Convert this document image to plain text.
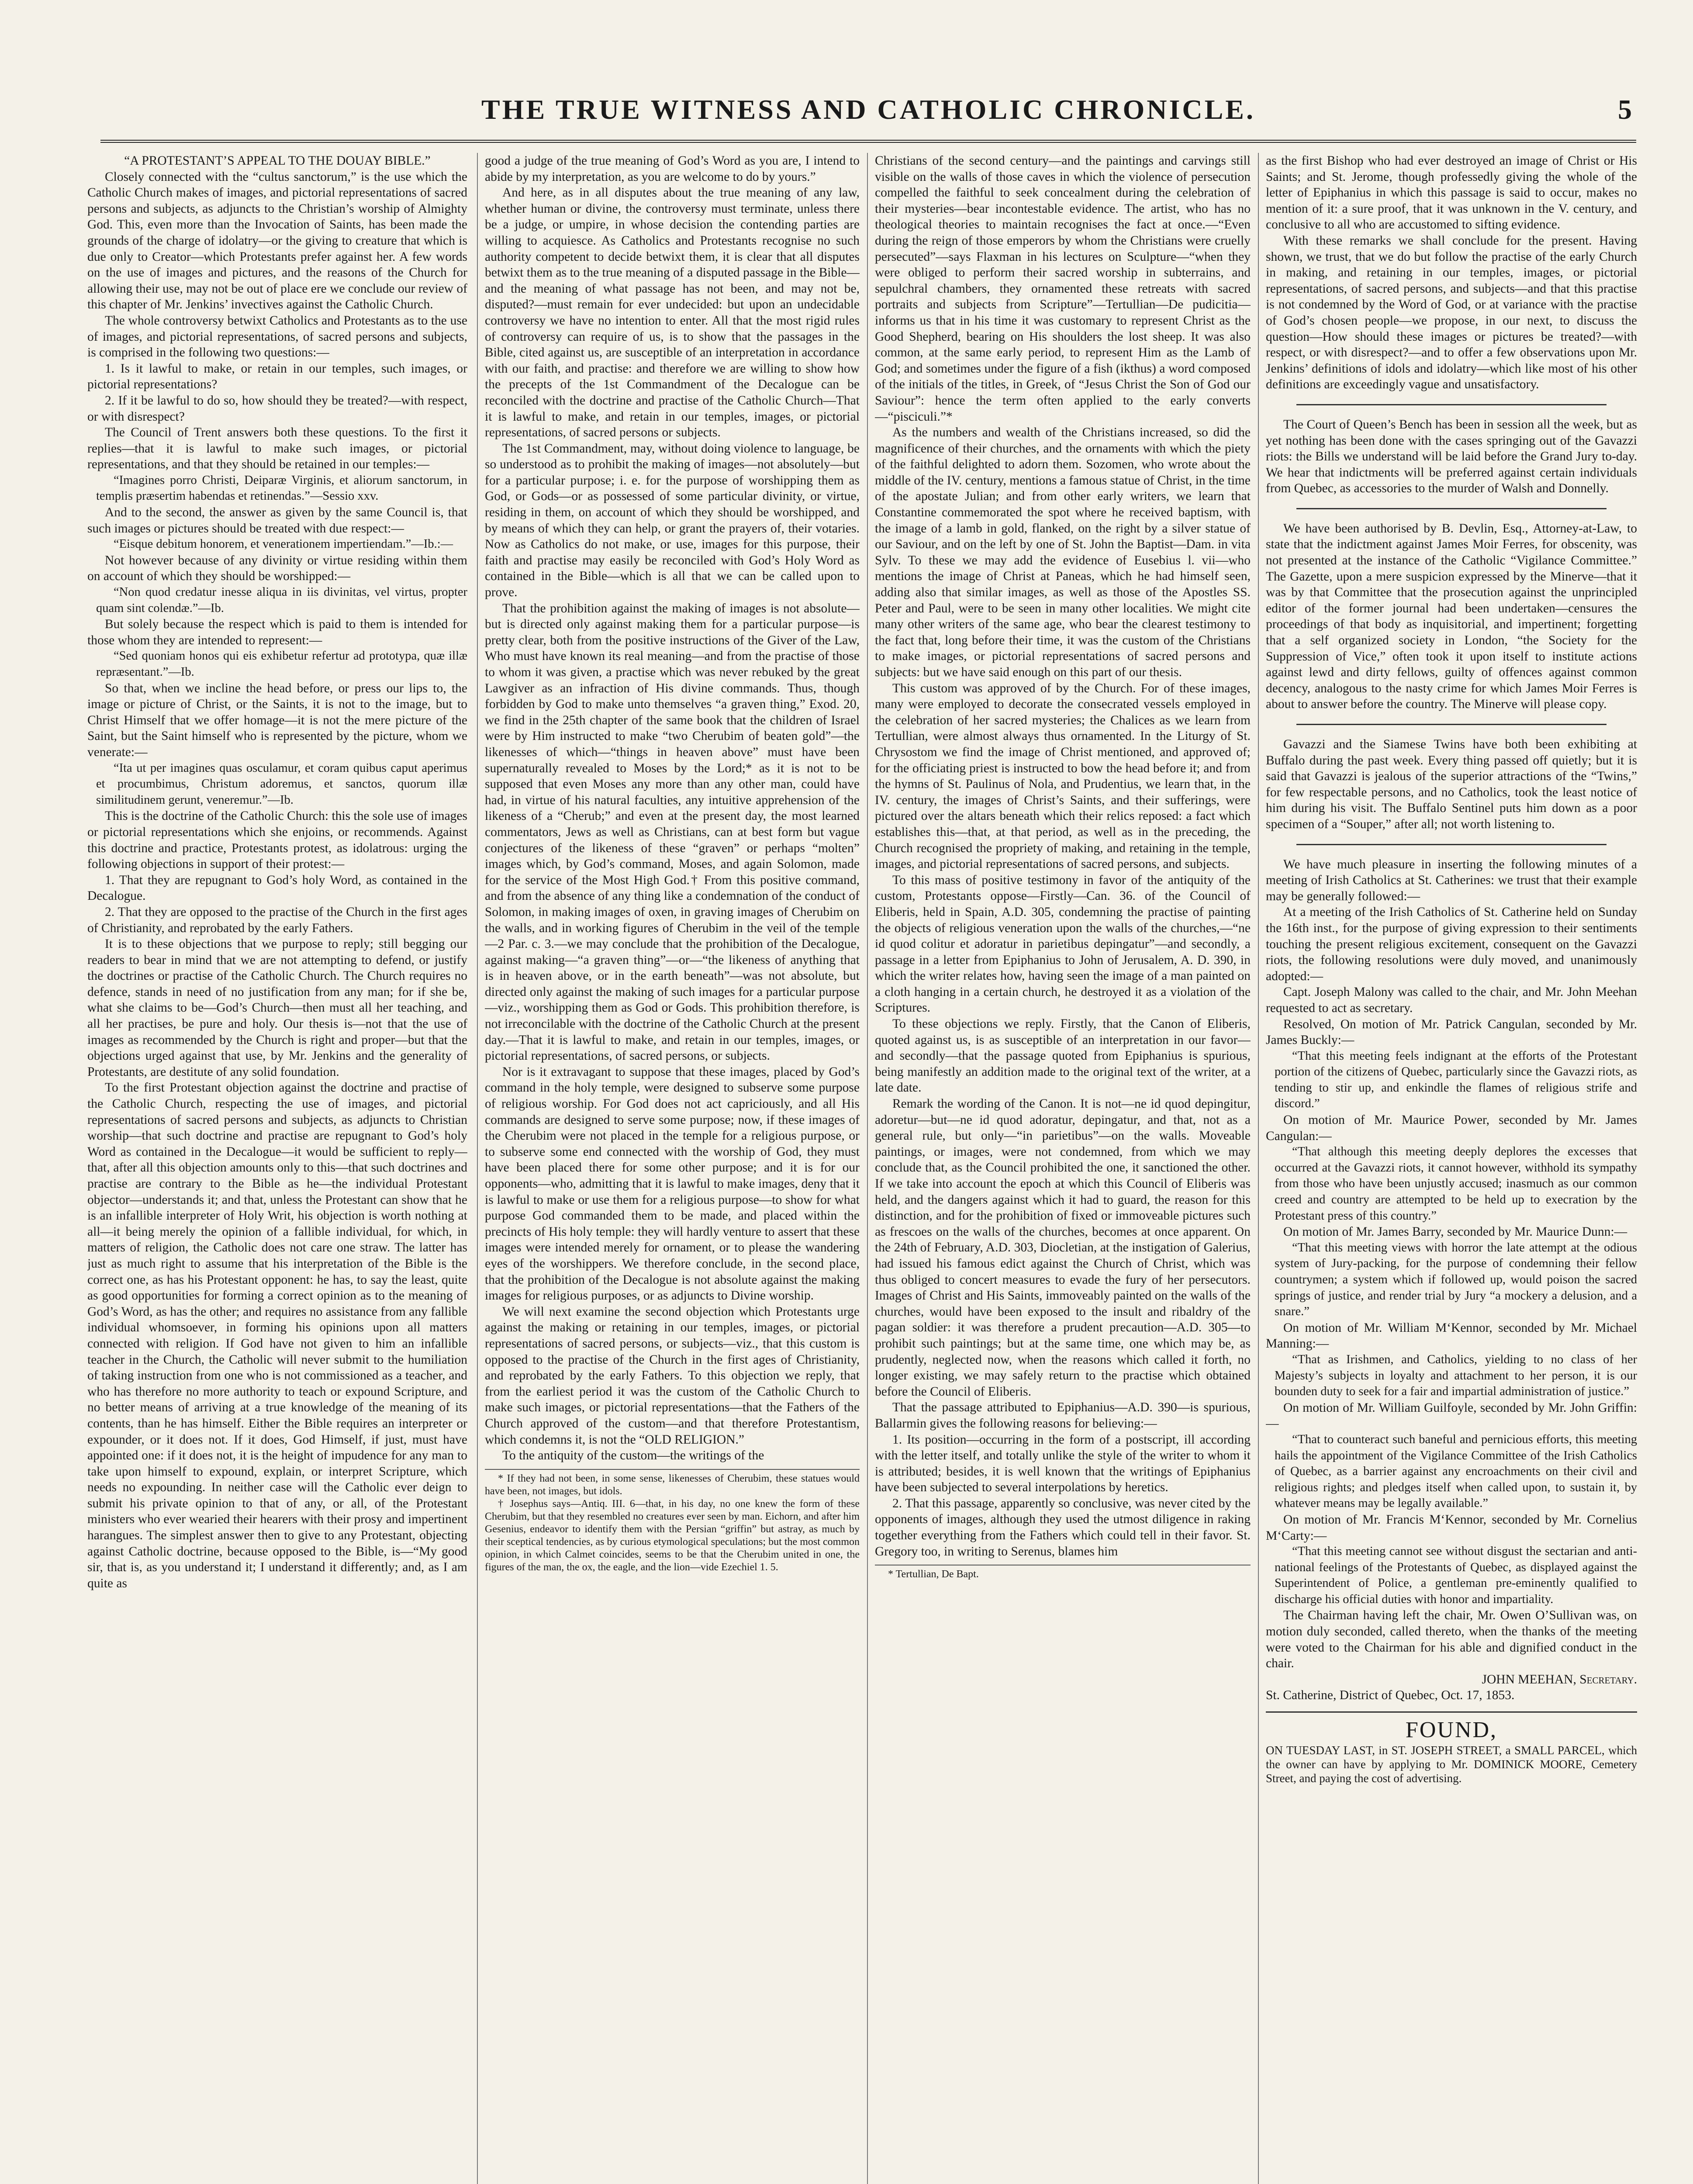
THE TRUE WITNESS AND CATHOLIC CHRONICLE.	5

“A PROTESTANT’S APPEAL TO THE DOUAY BIBLE.”

Closely connected with the “cultus sanctorum,” is the use which the Catholic Church makes of images, and pictorial representations of sacred persons and subjects, as adjuncts to the Christian’s worship of Almighty God. This, even more than the Invocation of Saints, has been made the grounds of the charge of idolatry—or the giving to creature that which is due only to Creator—which Protestants prefer against her. A few words on the use of images and pictures, and the reasons of the Church for allowing their use, may not be out of place ere we conclude our review of this chapter of Mr. Jenkins’ invectives against the Catholic Church.

The whole controversy betwixt Catholics and Protestants as to the use of images, and pictorial representations, of sacred persons and subjects, is comprised in the following two questions:—

1. Is it lawful to make, or retain in our temples, such images, or pictorial representations?

2. If it be lawful to do so, how should they be treated?—with respect, or with disrespect?

The Council of Trent answers both these questions. To the first it replies—that it is lawful to make such images, or pictorial representations, and that they should be retained in our temples:—

“Imagines porro Christi, Deiparæ Virginis, et aliorum sanctorum, in templis præsertim habendas et retinendas.”—Sessio xxv.

And to the second, the answer as given by the same Council is, that such images or pictures should be treated with due respect:—

“Eisque debitum honorem, et venerationem impertiendam.”—Ib.:—

Not however because of any divinity or virtue residing within them on account of which they should be worshipped:—

“Non quod credatur inesse aliqua in iis divinitas, vel virtus, propter quam sint colendæ.”—Ib.

But solely because the respect which is paid to them is intended for those whom they are intended to represent:—

“Sed quoniam honos qui eis exhibetur refertur ad prototypa, quæ illæ repræsentant.”—Ib.

So that, when we incline the head before, or press our lips to, the image or picture of Christ, or the Saints, it is not to the image, but to Christ Himself that we offer homage—it is not the mere picture of the Saint, but the Saint himself who is represented by the picture, whom we venerate:—

“Ita ut per imagines quas osculamur, et coram quibus caput aperimus et procumbimus, Christum adoremus, et sanctos, quorum illæ similitudinem gerunt, veneremur.”—Ib.

This is the doctrine of the Catholic Church: this the sole use of images or pictorial representations which she enjoins, or recommends. Against this doctrine and practice, Protestants protest, as idolatrous: urging the following objections in support of their protest:—

1. That they are repugnant to God’s holy Word, as contained in the Decalogue.

2. That they are opposed to the practise of the Church in the first ages of Christianity, and reprobated by the early Fathers.

It is to these objections that we purpose to reply; still begging our readers to bear in mind that we are not attempting to defend, or justify the doctrines or practise of the Catholic Church. The Church requires no defence, stands in need of no justification from any man; for if she be, what she claims to be—God’s Church—then must all her teaching, and all her practises, be pure and holy. Our thesis is—not that the use of images as recommended by the Church is right and proper—but that the objections urged against that use, by Mr. Jenkins and the generality of Protestants, are destitute of any solid foundation.

To the first Protestant objection against the doctrine and practise of the Catholic Church, respecting the use of images, and pictorial representations of sacred persons and subjects, as adjuncts to Christian worship—that such doctrine and practise are repugnant to God’s holy Word as contained in the Decalogue—it would be sufficient to reply—that, after all this objection amounts only to this—that such doctrines and practise are contrary to the Bible as he—the individual Protestant objector—understands it; and that, unless the Protestant can show that he is an infallible interpreter of Holy Writ, his objection is worth nothing at all—it being merely the opinion of a fallible individual, for which, in matters of religion, the Catholic does not care one straw. The latter has just as much right to assume that his interpretation of the Bible is the correct one, as has his Protestant opponent: he has, to say the least, quite as good opportunities for forming a correct opinion as to the meaning of God’s Word, as has the other; and requires no assistance from any fallible individual whomsoever, in forming his opinions upon all matters connected with religion. If God have not given to him an infallible teacher in the Church, the Catholic will never submit to the humiliation of taking instruction from one who is not commissioned as a teacher, and who has therefore no more authority to teach or expound Scripture, and no better means of arriving at a true knowledge of the meaning of its contents, than he has himself. Either the Bible requires an interpreter or expounder, or it does not. If it does, God Himself, if just, must have appointed one: if it does not, it is the height of impudence for any man to take upon himself to expound, explain, or interpret Scripture, which needs no expounding. In neither case will the Catholic ever deign to submit his private opinion to that of any, or all, of the Protestant ministers who ever wearied their hearers with their prosy and impertinent harangues. The simplest answer then to give to any Protestant, objecting against Catholic doctrine, because opposed to the Bible, is—“My good sir, that is, as you understand it; I understand it differently; and, as I am quite as

good a judge of the true meaning of God’s Word as you are, I intend to abide by my interpretation, as you are welcome to do by yours.”

And here, as in all disputes about the true meaning of any law, whether human or divine, the controversy must terminate, unless there be a judge, or umpire, in whose decision the contending parties are willing to acquiesce. As Catholics and Protestants recognise no such authority competent to decide betwixt them, it is clear that all disputes betwixt them as to the true meaning of a disputed passage in the Bible—and the meaning of what passage has not been, and may not be, disputed?—must remain for ever undecided: but upon an undecidable controversy we have no intention to enter. All that the most rigid rules of controversy can require of us, is to show that the passages in the Bible, cited against us, are susceptible of an interpretation in accordance with our faith, and practise: and therefore we are willing to show how the precepts of the 1st Commandment of the Decalogue can be reconciled with the doctrine and practise of the Catholic Church—That it is lawful to make, and retain in our temples, images, or pictorial representations, of sacred persons or subjects.

The 1st Commandment, may, without doing violence to language, be so understood as to prohibit the making of images—not absolutely—but for a particular purpose; i. e. for the purpose of worshipping them as God, or Gods—or as possessed of some particular divinity, or virtue, residing in them, on account of which they should be worshipped, and by means of which they can help, or grant the prayers of, their votaries. Now as Catholics do not make, or use, images for this purpose, their faith and practise may easily be reconciled with God’s Holy Word as contained in the Bible—which is all that we can be called upon to prove.

That the prohibition against the making of images is not absolute—but is directed only against making them for a particular purpose—is pretty clear, both from the positive instructions of the Giver of the Law, Who must have known its real meaning—and from the practise of those to whom it was given, a practise which was never rebuked by the great Lawgiver as an infraction of His divine commands. Thus, though forbidden by God to make unto themselves “a graven thing,” Exod. 20, we find in the 25th chapter of the same book that the children of Israel were by Him instructed to make “two Cherubim of beaten gold”—the likenesses of which—“things in heaven above” must have been supernaturally revealed to Moses by the Lord;* as it is not to be supposed that even Moses any more than any other man, could have had, in virtue of his natural faculties, any intuitive apprehension of the likeness of a “Cherub;” and even at the present day, the most learned commentators, Jews as well as Christians, can at best form but vague conjectures of the likeness of these “graven” or perhaps “molten” images which, by God’s command, Moses, and again Solomon, made for the service of the Most High God.† From this positive command, and from the absence of any thing like a condemnation of the conduct of Solomon, in making images of oxen, in graving images of Cherubim on the walls, and in working figures of Cherubim in the veil of the temple—2 Par. c. 3.—we may conclude that the prohibition of the Decalogue, against making—“a graven thing”—or—“the likeness of anything that is in heaven above, or in the earth beneath”—was not absolute, but directed only against the making of such images for a particular purpose—viz., worshipping them as God or Gods. This prohibition therefore, is not irreconcilable with the doctrine of the Catholic Church at the present day.—That it is lawful to make, and retain in our temples, images, or pictorial representations, of sacred persons, or subjects.

Nor is it extravagant to suppose that these images, placed by God’s command in the holy temple, were designed to subserve some purpose of religious worship. For God does not act capriciously, and all His commands are designed to serve some purpose; now, if these images of the Cherubim were not placed in the temple for a religious purpose, or to subserve some end connected with the worship of God, they must have been placed there for some other purpose; and it is for our opponents—who, admitting that it is lawful to make images, deny that it is lawful to make or use them for a religious purpose—to show for what purpose God commanded them to be made, and placed within the precincts of His holy temple: they will hardly venture to assert that these images were intended merely for ornament, or to please the wandering eyes of the worshippers. We therefore conclude, in the second place, that the prohibition of the Decalogue is not absolute against the making images for religious purposes, or as adjuncts to Divine worship.

We will next examine the second objection which Protestants urge against the making or retaining in our temples, images, or pictorial representations of sacred persons, or subjects—viz., that this custom is opposed to the practise of the Church in the first ages of Christianity, and reprobated by the early Fathers. To this objection we reply, that from the earliest period it was the custom of the Catholic Church to make such images, or pictorial representations—that the Fathers of the Church approved of the custom—and that therefore Protestantism, which condemns it, is not the “OLD RELIGION.”

To the antiquity of the custom—the writings of the

* If they had not been, in some sense, likenesses of Cherubim, these statues would have been, not images, but idols.

† Josephus says—Antiq. III. 6—that, in his day, no one knew the form of these Cherubim, but that they resembled no creatures ever seen by man. Eichorn, and after him Gesenius, endeavor to identify them with the Persian “griffin” but astray, as much by their sceptical tendencies, as by curious etymological speculations; but the most common opinion, in which Calmet coincides, seems to be that the Cherubim united in one, the figures of the man, the ox, the eagle, and the lion—vide Ezechiel 1. 5.

Christians of the second century—and the paintings and carvings still visible on the walls of those caves in which the violence of persecution compelled the faithful to seek concealment during the celebration of their mysteries—bear incontestable evidence. The artist, who has no theological theories to maintain recognises the fact at once.—“Even during the reign of those emperors by whom the Christians were cruelly persecuted”—says Flaxman in his lectures on Sculpture—“when they were obliged to perform their sacred worship in subterrains, and sepulchral chambers, they ornamented these retreats with sacred portraits and subjects from Scripture”—Tertullian—De pudicitia—informs us that in his time it was customary to represent Christ as the Good Shepherd, bearing on His shoulders the lost sheep. It was also common, at the same early period, to represent Him as the Lamb of God; and sometimes under the figure of a fish (ikthus) a word composed of the initials of the titles, in Greek, of “Jesus Christ the Son of God our Saviour”: hence the term often applied to the early converts—“pisciculi.”*

As the numbers and wealth of the Christians increased, so did the magnificence of their churches, and the ornaments with which the piety of the faithful delighted to adorn them. Sozomen, who wrote about the middle of the IV. century, mentions a famous statue of Christ, in the time of the apostate Julian; and from other early writers, we learn that Constantine commemorated the spot where he received baptism, with the image of a lamb in gold, flanked, on the right by a silver statue of our Saviour, and on the left by one of St. John the Baptist—Dam. in vita Sylv. To these we may add the evidence of Eusebius l. vii—who mentions the image of Christ at Paneas, which he had himself seen, adding also that similar images, as well as those of the Apostles SS. Peter and Paul, were to be seen in many other localities. We might cite many other writers of the same age, who bear the clearest testimony to the fact that, long before their time, it was the custom of the Christians to make images, or pictorial representations of sacred persons and subjects: but we have said enough on this part of our thesis.

This custom was approved of by the Church. For of these images, many were employed to decorate the consecrated vessels employed in the celebration of her sacred mysteries; the Chalices as we learn from Tertullian, were almost always thus ornamented. In the Liturgy of St. Chrysostom we find the image of Christ mentioned, and approved of; for the officiating priest is instructed to bow the head before it; and from the hymns of St. Paulinus of Nola, and Prudentius, we learn that, in the IV. century, the images of Christ’s Saints, and their sufferings, were pictured over the altars beneath which their relics reposed: a fact which establishes this—that, at that period, as well as in the preceding, the Church recognised the propriety of making, and retaining in the temple, images, and pictorial representations of sacred persons, and subjects.

To this mass of positive testimony in favor of the antiquity of the custom, Protestants oppose—Firstly—Can. 36. of the Council of Eliberis, held in Spain, A.D. 305, condemning the practise of painting the objects of religious veneration upon the walls of the churches,—“ne id quod colitur et adoratur in parietibus depingatur”—and secondly, a passage in a letter from Epiphanius to John of Jerusalem, A. D. 390, in which the writer relates how, having seen the image of a man painted on a cloth hanging in a certain church, he destroyed it as a violation of the Scriptures.

To these objections we reply. Firstly, that the Canon of Eliberis, quoted against us, is as susceptible of an interpretation in our favor—and secondly—that the passage quoted from Epiphanius is spurious, being manifestly an addition made to the original text of the writer, at a late date.

Remark the wording of the Canon. It is not—ne id quod depingitur, adoretur—but—ne id quod adoratur, depingatur, and that, not as a general rule, but only—“in parietibus”—on the walls. Moveable paintings, or images, were not condemned, from which we may conclude that, as the Council prohibited the one, it sanctioned the other. If we take into account the epoch at which this Council of Eliberis was held, and the dangers against which it had to guard, the reason for this distinction, and for the prohibition of fixed or immoveable pictures such as frescoes on the walls of the churches, becomes at once apparent. On the 24th of February, A.D. 303, Diocletian, at the instigation of Galerius, had issued his famous edict against the Church of Christ, which was thus obliged to concert measures to evade the fury of her persecutors. Images of Christ and His Saints, immoveably painted on the walls of the churches, would have been exposed to the insult and ribaldry of the pagan soldier: it was therefore a prudent precaution—A.D. 305—to prohibit such paintings; but at the same time, one which may be, as prudently, neglected now, when the reasons which called it forth, no longer existing, we may safely return to the practise which obtained before the Council of Eliberis.

That the passage attributed to Epiphanius—A.D. 390—is spurious, Ballarmin gives the following reasons for believing:—

1. Its position—occurring in the form of a postscript, ill according with the letter itself, and totally unlike the style of the writer to whom it is attributed; besides, it is well known that the writings of Epiphanius have been subjected to several interpolations by heretics.

2. That this passage, apparently so conclusive, was never cited by the opponents of images, although they used the utmost diligence in raking together everything from the Fathers which could tell in their favor. St. Gregory too, in writing to Serenus, blames him

* Tertullian, De Bapt.

as the first Bishop who had ever destroyed an image of Christ or His Saints; and St. Jerome, though professedly giving the whole of the letter of Epiphanius in which this passage is said to occur, makes no mention of it: a sure proof, that it was unknown in the V. century, and conclusive to all who are accustomed to sifting evidence.

With these remarks we shall conclude for the present. Having shown, we trust, that we do but follow the practise of the early Church in making, and retaining in our temples, images, or pictorial representations, of sacred persons, and subjects—and that this practise is not condemned by the Word of God, or at variance with the practise of God’s chosen people—we propose, in our next, to discuss the question—How should these images or pictures be treated?—with respect, or with disrespect?—and to offer a few observations upon Mr. Jenkins’ definitions of idols and idolatry—which like most of his other definitions are exceedingly vague and unsatisfactory.

The Court of Queen’s Bench has been in session all the week, but as yet nothing has been done with the cases springing out of the Gavazzi riots: the Bills we understand will be laid before the Grand Jury to-day. We hear that indictments will be preferred against certain individuals from Quebec, as accessories to the murder of Walsh and Donnelly.

We have been authorised by B. Devlin, Esq., Attorney-at-Law, to state that the indictment against James Moir Ferres, for obscenity, was not presented at the instance of the Catholic “Vigilance Committee.” The Gazette, upon a mere suspicion expressed by the Minerve—that it was by that Committee that the prosecution against the unprincipled editor of the former journal had been undertaken—censures the proceedings of that body as inquisitorial, and impertinent; forgetting that a self organized society in London, “the Society for the Suppression of Vice,” often took it upon itself to institute actions against lewd and dirty fellows, guilty of offences against common decency, analogous to the nasty crime for which James Moir Ferres is about to answer before the country. The Minerve will please copy.

Gavazzi and the Siamese Twins have both been exhibiting at Buffalo during the past week. Every thing passed off quietly; but it is said that Gavazzi is jealous of the superior attractions of the “Twins,” for few respectable persons, and no Catholics, took the least notice of him during his visit. The Buffalo Sentinel puts him down as a poor specimen of a “Souper,” after all; not worth listening to.

We have much pleasure in inserting the following minutes of a meeting of Irish Catholics at St. Catherines: we trust that their example may be generally followed:—

At a meeting of the Irish Catholics of St. Catherine held on Sunday the 16th inst., for the purpose of giving expression to their sentiments touching the present religious excitement, consequent on the Gavazzi riots, the following resolutions were duly moved, and unanimously adopted:—

Capt. Joseph Malony was called to the chair, and Mr. John Meehan requested to act as secretary.

Resolved, On motion of Mr. Patrick Cangulan, seconded by Mr. James Buckly:—

“That this meeting feels indignant at the efforts of the Protestant portion of the citizens of Quebec, particularly since the Gavazzi riots, as tending to stir up, and enkindle the flames of religious strife and discord.”

On motion of Mr. Maurice Power, seconded by Mr. James Cangulan:—

“That although this meeting deeply deplores the excesses that occurred at the Gavazzi riots, it cannot however, withhold its sympathy from those who have been unjustly accused; inasmuch as our common creed and country are attempted to be held up to execration by the Protestant press of this country.”

On motion of Mr. James Barry, seconded by Mr. Maurice Dunn:—

“That this meeting views with horror the late attempt at the odious system of Jury-packing, for the purpose of condemning their fellow countrymen; a system which if followed up, would poison the sacred springs of justice, and render trial by Jury “a mockery a delusion, and a snare.”

On motion of Mr. William M‘Kennor, seconded by Mr. Michael Manning:—

“That as Irishmen, and Catholics, yielding to no class of her Majesty’s subjects in loyalty and attachment to her person, it is our bounden duty to seek for a fair and impartial administration of justice.”

On motion of Mr. William Guilfoyle, seconded by Mr. John Griffin:—

“That to counteract such baneful and pernicious efforts, this meeting hails the appointment of the Vigilance Committee of the Irish Catholics of Quebec, as a barrier against any encroachments on their civil and religious rights; and pledges itself when called upon, to sustain it, by whatever means may be legally available.”

On motion of Mr. Francis M‘Kennor, seconded by Mr. Cornelius M‘Carty:—

“That this meeting cannot see without disgust the sectarian and anti-national feelings of the Protestants of Quebec, as displayed against the Superintendent of Police, a gentleman pre-eminently qualified to discharge his official duties with honor and impartiality.

The Chairman having left the chair, Mr. Owen O’Sullivan was, on motion duly seconded, called thereto, when the thanks of the meeting were voted to the Chairman for his able and dignified conduct in the chair.

JOHN MEEHAN, Secretary.

St. Catherine, District of Quebec, Oct. 17, 1853.

FOUND,

ON TUESDAY LAST, in ST. JOSEPH STREET, a SMALL PARCEL, which the owner can have by applying to Mr. DOMINICK MOORE, Cemetery Street, and paying the cost of advertising.
